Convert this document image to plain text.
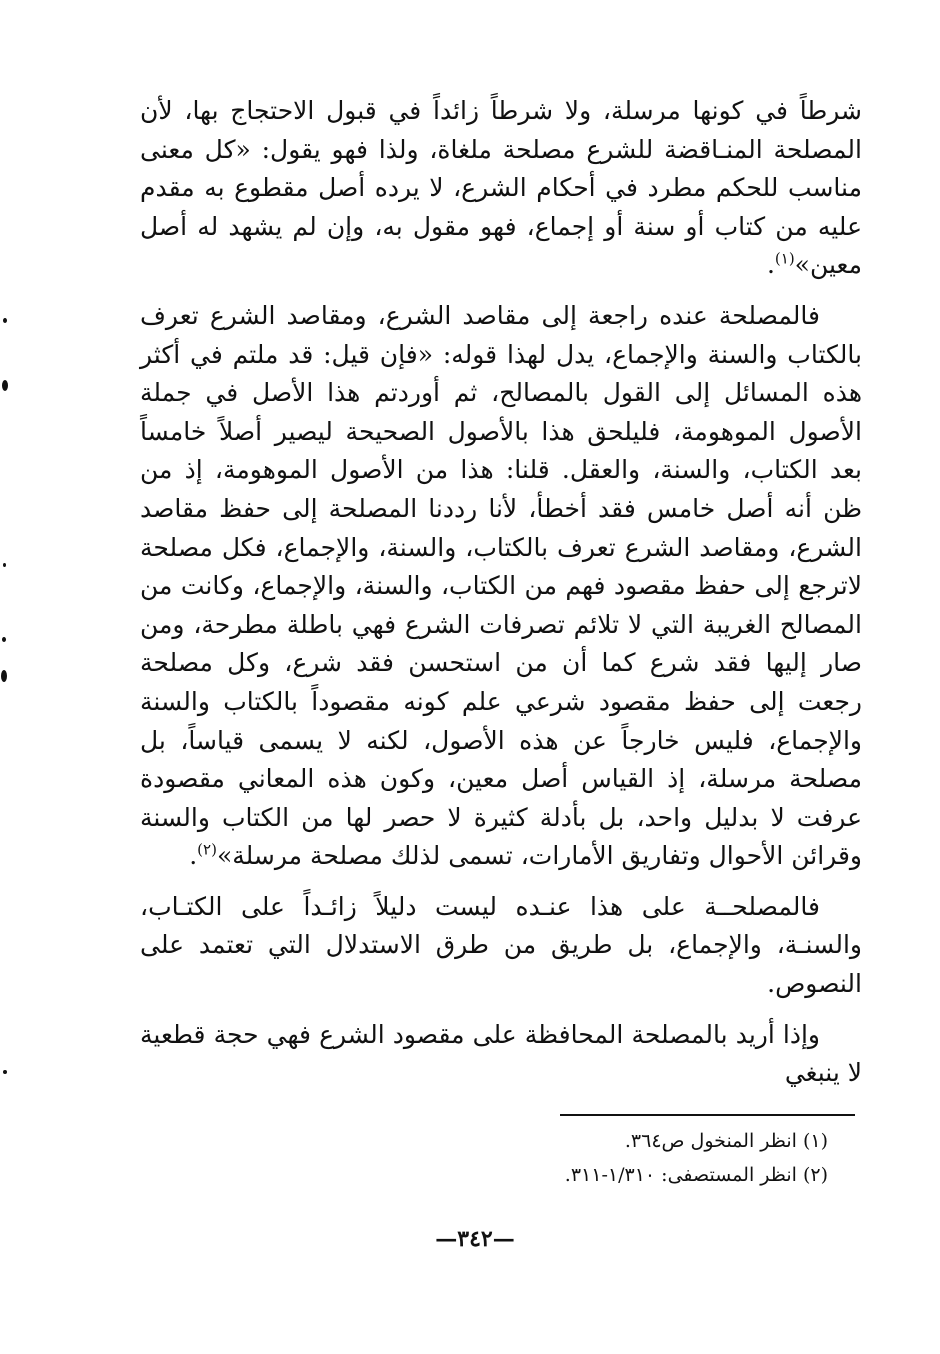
شرطاً في كونها مرسلة، ولا شرطاً زائداً في قبول الاحتجاج بها، لأن المصلحة المنـاقضة للشرع مصلحة ملغاة، ولذا فهو يقول: «كل معنى مناسب للحكم مطرد في أحكام الشرع، لا يرده أصل مقطوع به مقدم عليه من كتاب أو سنة أو إجماع، فهو مقول به، وإن لم يشهد له أصل معين»$^{(١)}$.

فالمصلحة عنده راجعة إلى مقاصد الشرع، ومقاصد الشرع تعرف بالكتاب والسنة والإجماع، يدل لهذا قوله: «فإن قيل: قد ملتم في أكثر هذه المسائل إلى القول بالمصالح، ثم أوردتم هذا الأصل في جملة الأصول الموهومة، فليلحق هذا بالأصول الصحيحة ليصير أصلاً خامساً بعد الكتاب، والسنة، والعقل. قلنا: هذا من الأصول الموهومة، إذ من ظن أنه أصل خامس فقد أخطأ، لأنا رددنا المصلحة إلى حفظ مقاصد الشرع، ومقاصد الشرع تعرف بالكتاب، والسنة، والإجماع، فكل مصلحة لاترجع إلى حفظ مقصود فهم من الكتاب، والسنة، والإجماع، وكانت من المصالح الغريبة التي لا تلائم تصرفات الشرع فهي باطلة مطرحة، ومن صار إليها فقد شرع كما أن من استحسن فقد شرع، وكل مصلحة رجعت إلى حفظ مقصود شرعي علم كونه مقصوداً بالكتاب والسنة والإجماع، فليس خارجاً عن هذه الأصول، لكنه لا يسمى قياساً، بل مصلحة مرسلة، إذ القياس أصل معين، وكون هذه المعاني مقصودة عرفت لا بدليل واحد، بل بأدلة كثيرة لا حصر لها من الكتاب والسنة وقرائن الأحوال وتفاريق الأمارات، تسمى لذلك مصلحة مرسلة»$^{(٢)}$.

فالمصلحــة على هذا عنـده ليست دليلاً زائـداً على الكتـاب، والسنـة، والإجماع، بل طريق من طرق الاستدلال التي تعتمد على النصوص.

وإذا أريد بالمصلحة المحافظة على مقصود الشرع فهي حجة قطعية لا ينبغي

(١) انظر المنخول ص٣٦٤.

(٢) انظر المستصفى: ١/٣١٠-٣١١.

—٣٤٢—
